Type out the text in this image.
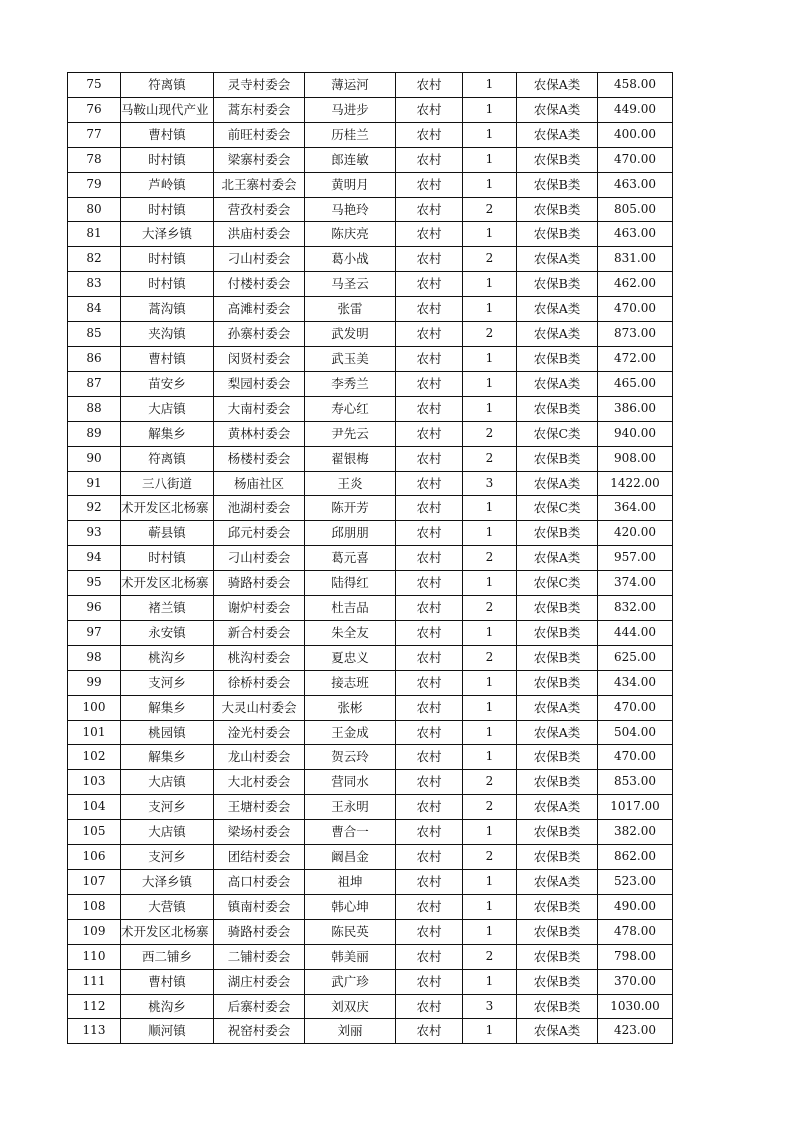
75	符离镇	灵寺村委会	薄运河	农村	1	农保A类	458.00
76	马鞍山现代产业	蒿东村委会	马进步	农村	1	农保A类	449.00
77	曹村镇	前旺村委会	历桂兰	农村	1	农保A类	400.00
78	时村镇	梁寨村委会	郎连敏	农村	1	农保B类	470.00
79	芦岭镇	北王寨村委会	黄明月	农村	1	农保B类	463.00
80	时村镇	营孜村委会	马艳玲	农村	2	农保B类	805.00
81	大泽乡镇	洪庙村委会	陈庆亮	农村	1	农保B类	463.00
82	时村镇	刁山村委会	葛小战	农村	2	农保A类	831.00
83	时村镇	付楼村委会	马圣云	农村	1	农保B类	462.00
84	蒿沟镇	高滩村委会	张雷	农村	1	农保A类	470.00
85	夹沟镇	孙寨村委会	武发明	农村	2	农保A类	873.00
86	曹村镇	闵贤村委会	武玉美	农村	1	农保B类	472.00
87	苗安乡	梨园村委会	李秀兰	农村	1	农保A类	465.00
88	大店镇	大南村委会	寿心红	农村	1	农保B类	386.00
89	解集乡	黄林村委会	尹先云	农村	2	农保C类	940.00
90	符离镇	杨楼村委会	翟银梅	农村	2	农保B类	908.00
91	三八街道	杨庙社区	王炎	农村	3	农保A类	1422.00
92	术开发区北杨寨	池湖村委会	陈开芳	农村	1	农保C类	364.00
93	蕲县镇	邱元村委会	邱朋朋	农村	1	农保B类	420.00
94	时村镇	刁山村委会	葛元喜	农村	2	农保A类	957.00
95	术开发区北杨寨	骑路村委会	陆得红	农村	1	农保C类	374.00
96	褚兰镇	谢炉村委会	杜吉品	农村	2	农保B类	832.00
97	永安镇	新合村委会	朱全友	农村	1	农保B类	444.00
98	桃沟乡	桃沟村委会	夏忠义	农村	2	农保B类	625.00
99	支河乡	徐桥村委会	接志班	农村	1	农保B类	434.00
100	解集乡	大灵山村委会	张彬	农村	1	农保A类	470.00
101	桃园镇	淦光村委会	王金成	农村	1	农保A类	504.00
102	解集乡	龙山村委会	贺云玲	农村	1	农保B类	470.00
103	大店镇	大北村委会	营同水	农村	2	农保B类	853.00
104	支河乡	王塘村委会	王永明	农村	2	农保A类	1017.00
105	大店镇	梁场村委会	曹合一	农村	1	农保B类	382.00
106	支河乡	团结村委会	阚昌金	农村	2	农保B类	862.00
107	大泽乡镇	高口村委会	祖坤	农村	1	农保A类	523.00
108	大营镇	镇南村委会	韩心坤	农村	1	农保B类	490.00
109	术开发区北杨寨	骑路村委会	陈民英	农村	1	农保B类	478.00
110	西二铺乡	二铺村委会	韩美丽	农村	2	农保B类	798.00
111	曹村镇	湖庄村委会	武广珍	农村	1	农保B类	370.00
112	桃沟乡	后寨村委会	刘双庆	农村	3	农保B类	1030.00
113	顺河镇	祝窑村委会	刘丽	农村	1	农保A类	423.00
